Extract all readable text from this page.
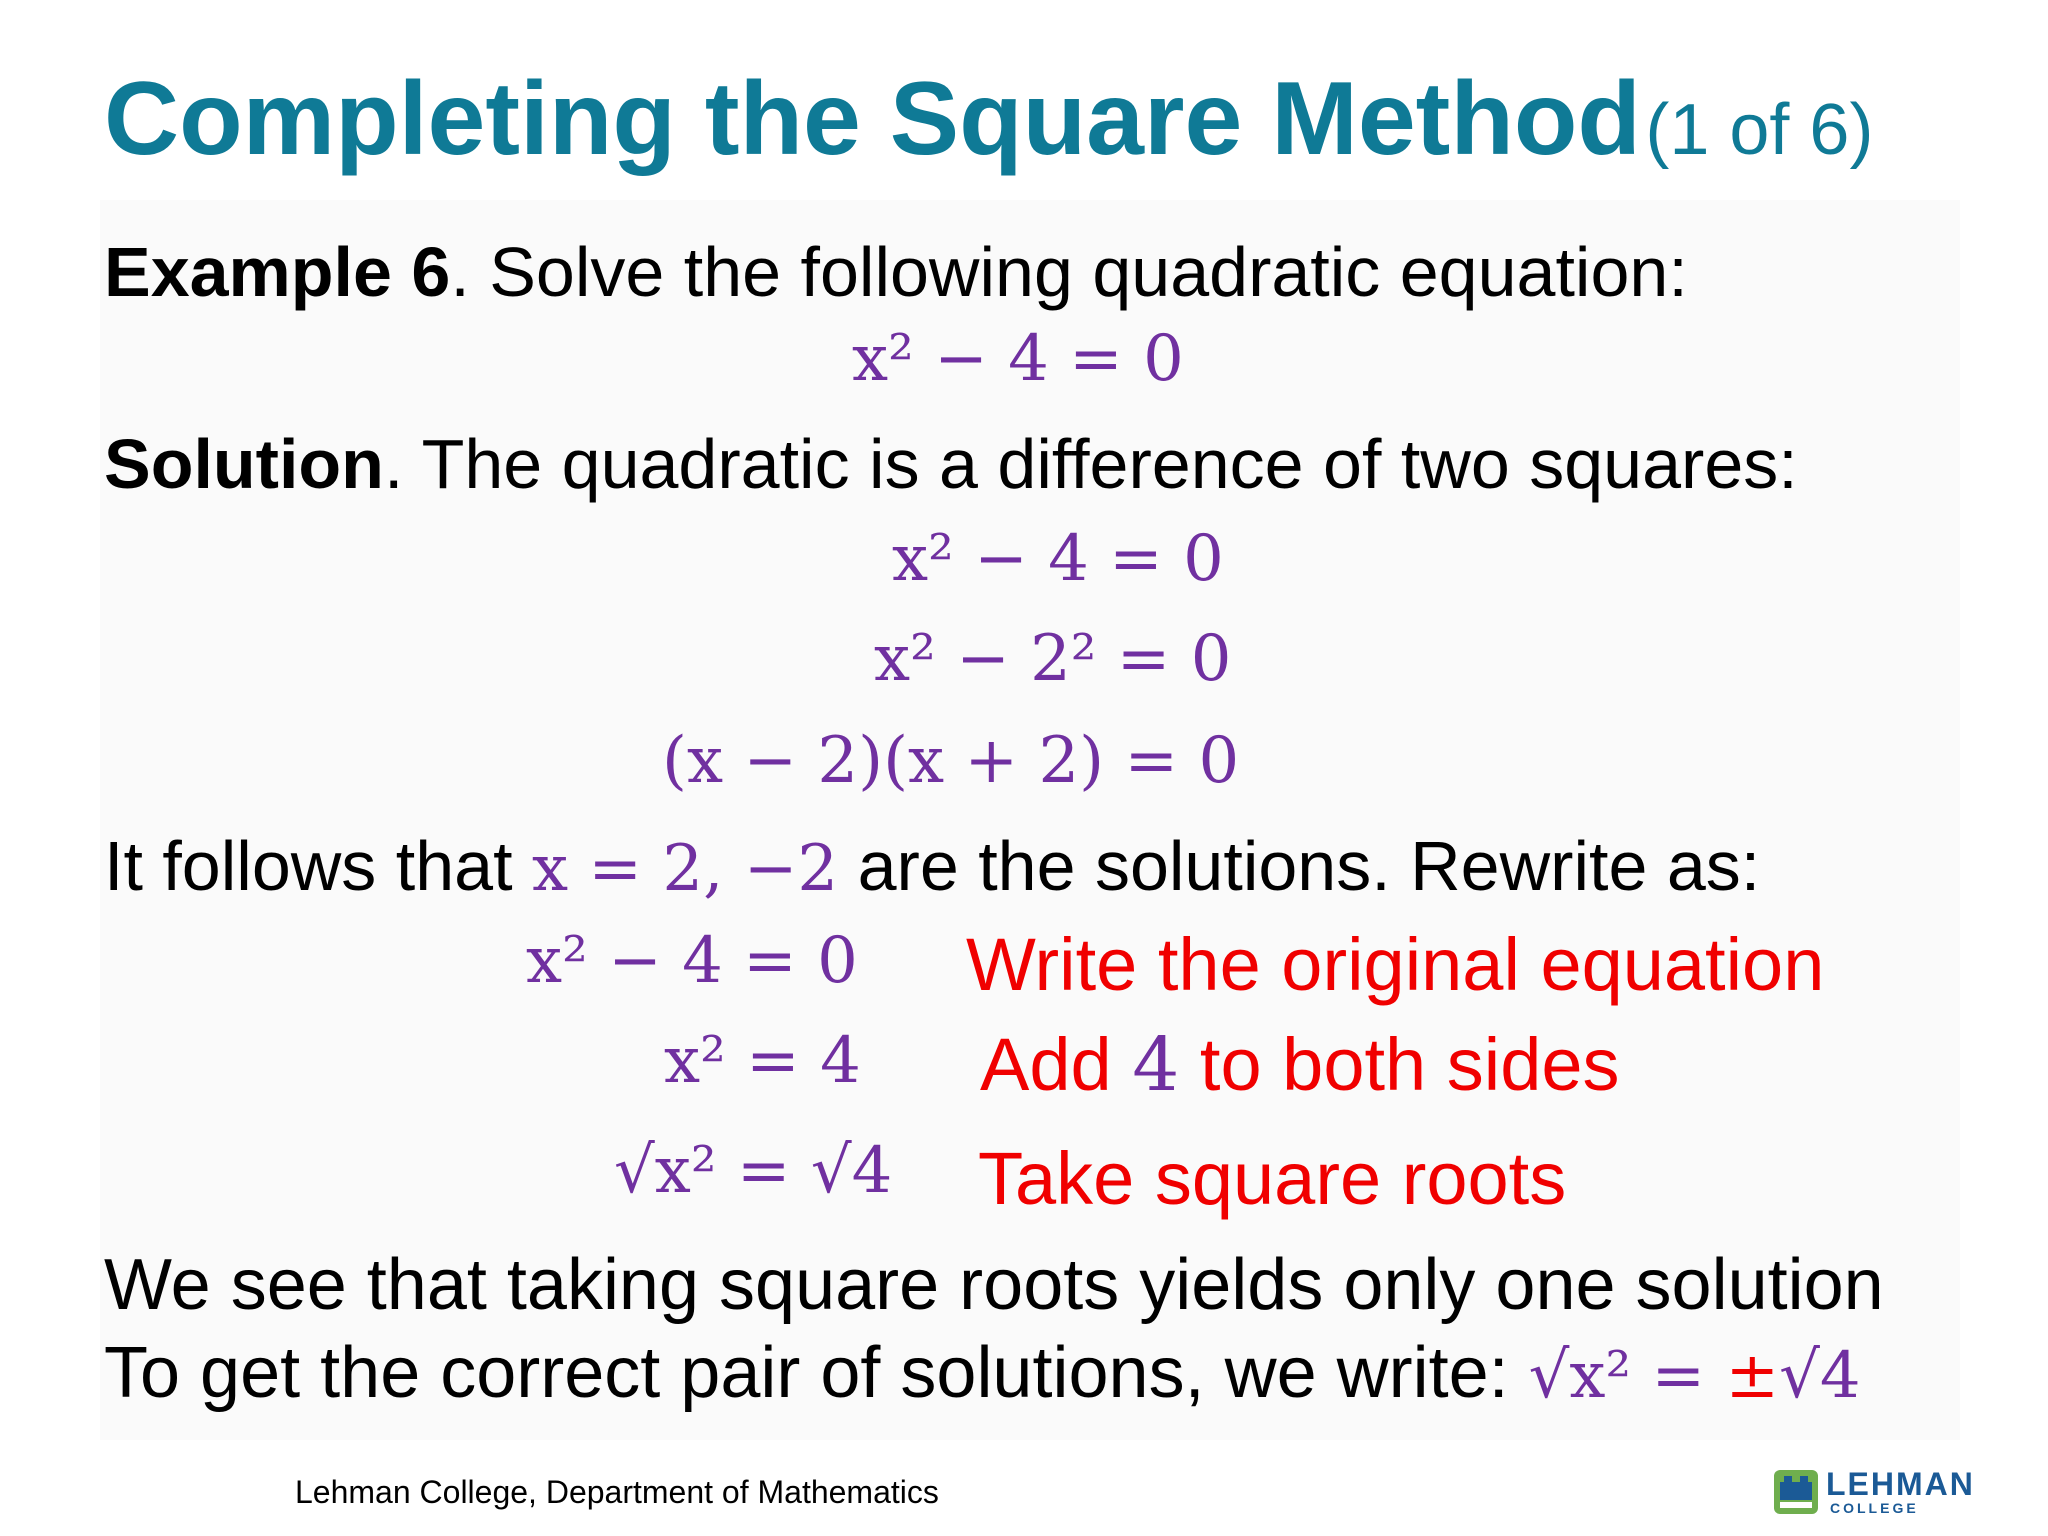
Completing the Square Method (1 of 6)
Example 6. Solve the following quadratic equation:
x² − 4 = 0
Solution. The quadratic is a difference of two squares:
x² − 4 = 0
x² − 2² = 0
(x − 2)(x + 2) = 0
It follows that x = 2, −2 are the solutions. Rewrite as:
x² − 4 = 0 Write the original equation
x² = 4 Add 4 to both sides
√x² = √4 Take square roots
We see that taking square roots yields only one solution
To get the correct pair of solutions, we write: √x² = ±√4
Lehman College, Department of Mathematics	LEHMAN
COLLEGE
